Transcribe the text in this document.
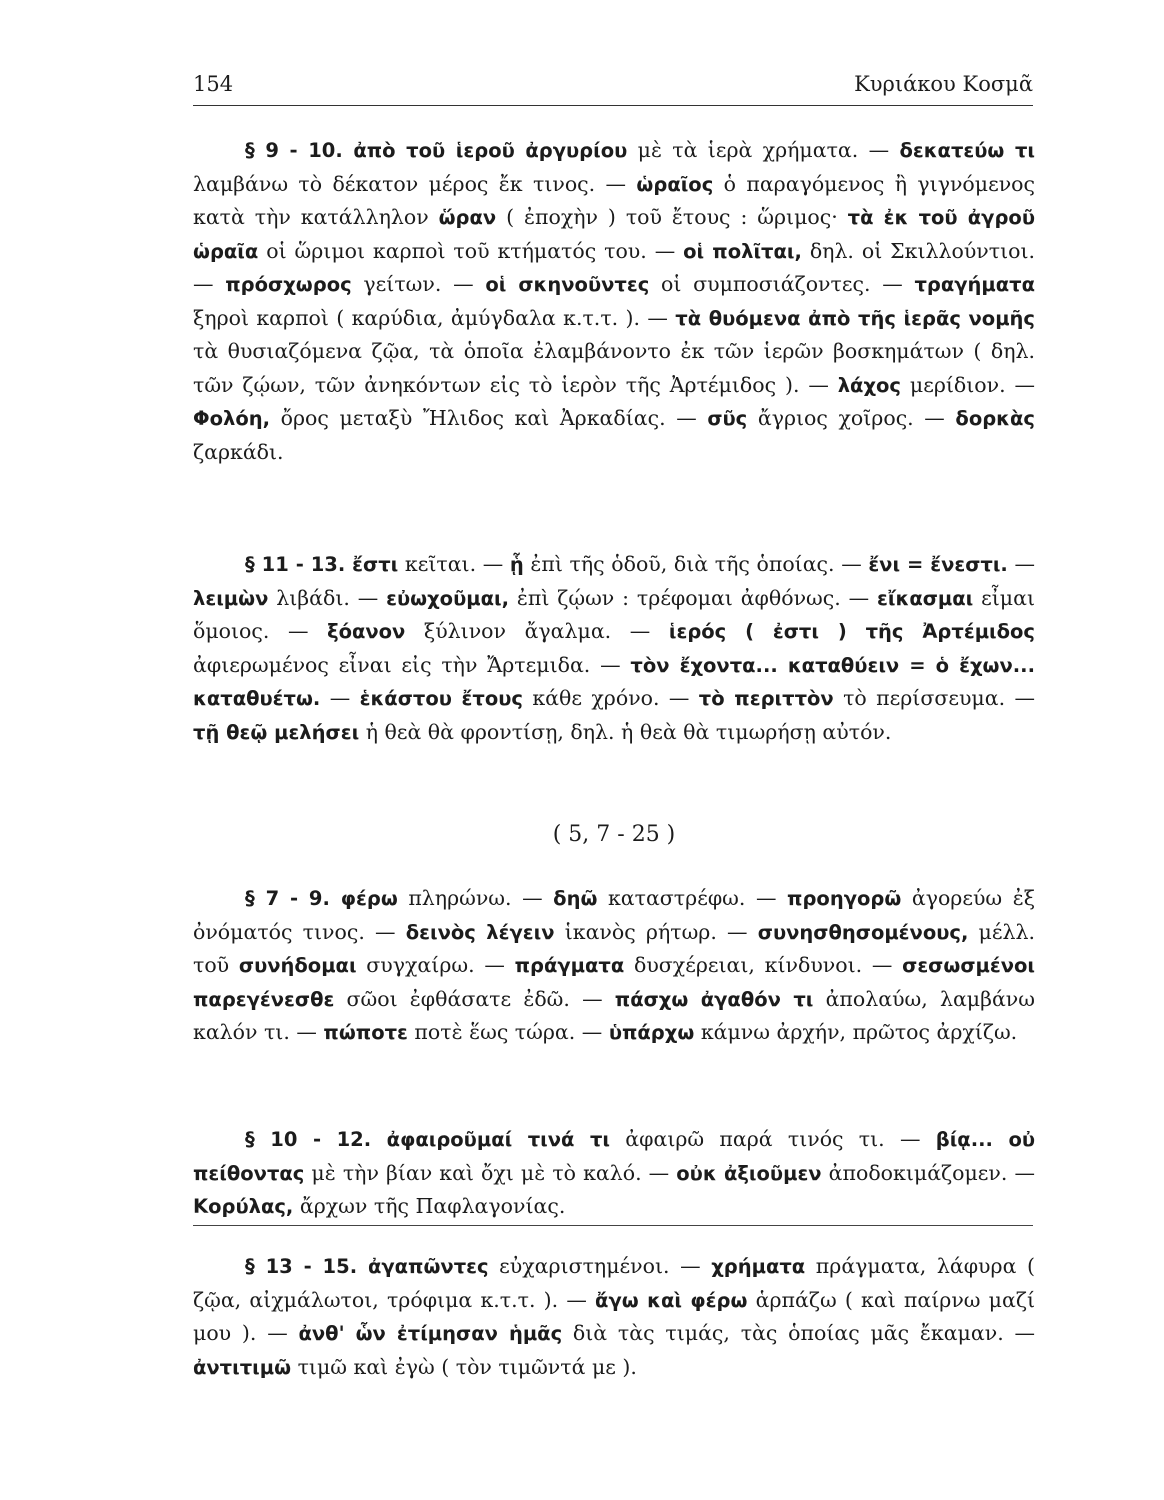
154	Κυριάκου Κοσμᾶ

§ 9 - 10. ἀπὸ τοῦ ἱεροῦ ἀργυρίου μὲ τὰ ἱερὰ χρήματα. — δεκατεύω τι λαμβάνω τὸ δέκατον μέρος ἔκ τινος. — ὡραῖος ὁ παραγόμενος ἢ γιγνόμενος κατὰ τὴν κατάλληλον ὥραν ( ἐποχὴν ) τοῦ ἔτους : ὥριμος· τὰ ἐκ τοῦ ἀγροῦ ὡραῖα οἱ ὥριμοι καρποὶ τοῦ κτήματός του. — οἱ πολῖται, δηλ. οἱ Σκιλλούντιοι. — πρόσχωρος γείτων. — οἱ σκηνοῦντες οἱ συμποσιάζοντες. — τραγήματα ξηροὶ καρποὶ ( καρύδια, ἀμύγδαλα κ.τ.τ. ). — τὰ θυόμενα ἀπὸ τῆς ἱερᾶς νομῆς τὰ θυσιαζόμενα ζῷα, τὰ ὁποῖα ἐλαμβάνοντο ἐκ τῶν ἱερῶν βοσκημάτων ( δηλ. τῶν ζῴων, τῶν ἀνηκόντων εἰς τὸ ἱερὸν τῆς Ἀρτέμιδος ). — λάχος μερίδιον. — Φολόη, ὄρος μεταξὺ Ἤλιδος καὶ Ἀρκαδίας. — σῦς ἄγριος χοῖρος. — δορκὰς ζαρκάδι.

§ 11 - 13. ἔστι κεῖται. — ᾗ ἐπὶ τῆς ὁδοῦ, διὰ τῆς ὁποίας. — ἔνι = ἔνεστι. — λειμὼν λιβάδι. — εὐωχοῦμαι, ἐπὶ ζῴων : τρέφομαι ἀφθόνως. — εἴκασμαι εἶμαι ὅμοιος. — ξόανον ξύλινον ἄγαλμα. — ἱερός ( ἐστι ) τῆς Ἀρτέμιδος ἀφιερωμένος εἶναι εἰς τὴν Ἄρτεμιδα. — τὸν ἔχοντα... καταθύειν = ὁ ἔχων... καταθυέτω. — ἑκάστου ἔτους κάθε χρόνο. — τὸ περιττὸν τὸ περίσσευμα. — τῇ θεῷ μελήσει ἡ θεὰ θὰ φροντίσῃ, δηλ. ἡ θεὰ θὰ τιμωρήσῃ αὐτόν.

( 5, 7 - 25 )

§ 7 - 9. φέρω πληρώνω. — δηῶ καταστρέφω. — προηγορῶ ἀγορεύω ἐξ ὀνόματός τινος. — δεινὸς λέγειν ἱκανὸς ρήτωρ. — συνησθησομένους, μέλλ. τοῦ συνήδομαι συγχαίρω. — πράγματα δυσχέρειαι, κίνδυνοι. — σεσωσμένοι παρεγένεσθε σῶοι ἐφθάσατε ἐδῶ. — πάσχω ἀγαθόν τι ἀπολαύω, λαμβάνω καλόν τι. — πώποτε ποτὲ ἕως τώρα. — ὑπάρχω κάμνω ἀρχήν, πρῶτος ἀρχίζω.

§ 10 - 12. ἀφαιροῦμαί τινά τι ἀφαιρῶ παρά τινός τι. — βίᾳ... οὐ πείθοντας μὲ τὴν βίαν καὶ ὄχι μὲ τὸ καλό. — οὐκ ἀξιοῦμεν ἀποδοκιμάζομεν. — Κορύλας, ἄρχων τῆς Παφλαγονίας.

§ 13 - 15. ἀγαπῶντες εὐχαριστημένοι. — χρήματα πράγματα, λάφυρα ( ζῷα, αἰχμάλωτοι, τρόφιμα κ.τ.τ. ). — ἄγω καὶ φέρω ἁρπάζω ( καὶ παίρνω μαζί μου ). — ἀνθ' ὧν ἐτίμησαν ἡμᾶς διὰ τὰς τιμάς, τὰς ὁποίας μᾶς ἔκαμαν. — ἀντιτιμῶ τιμῶ καὶ ἐγὼ ( τὸν τιμῶντά με ).
